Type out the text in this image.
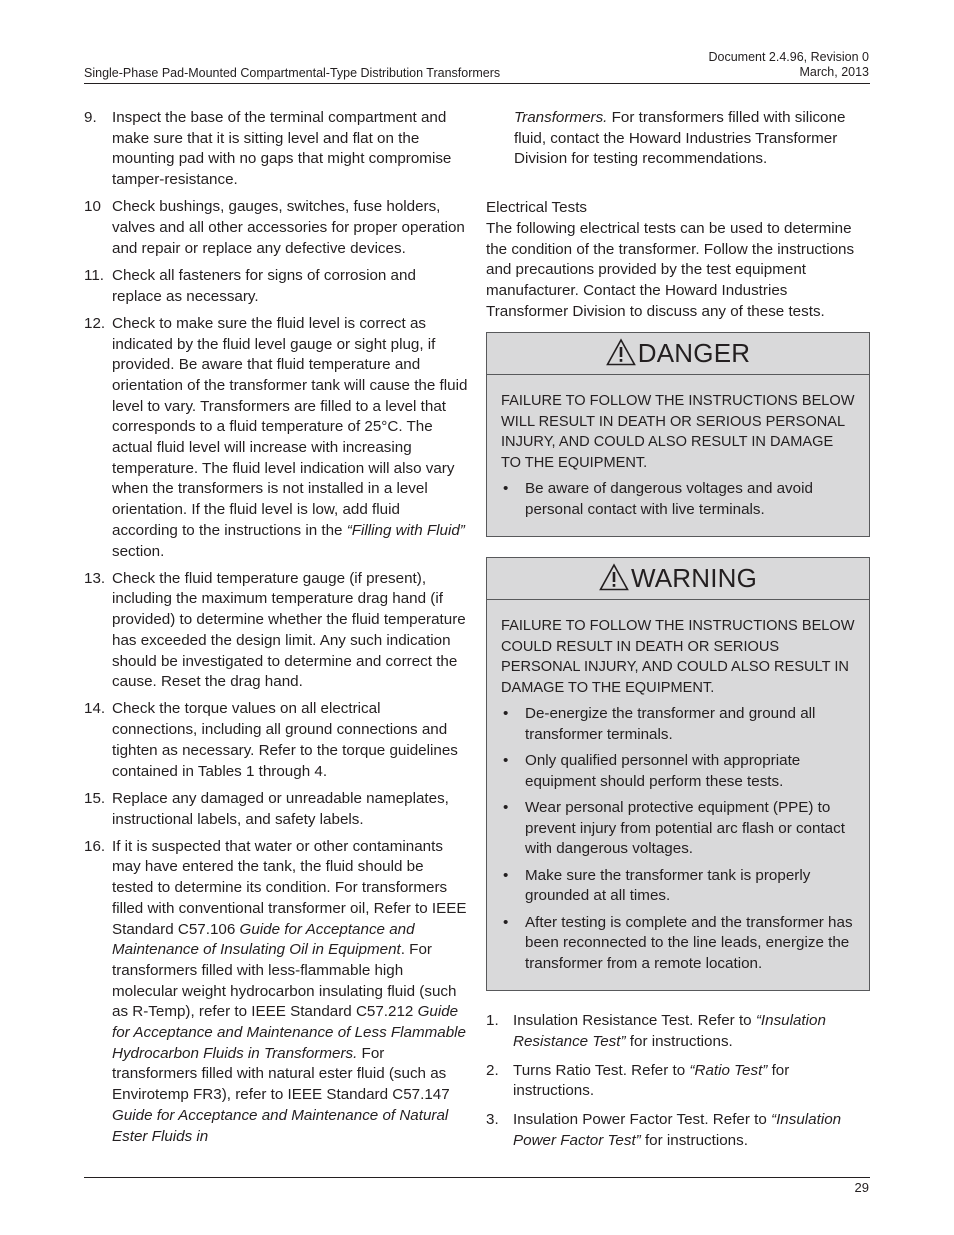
Single-Phase Pad-Mounted Compartmental-Type Distribution Transformers
Document 2.4.96, Revision 0
March, 2013
9. Inspect the base of the terminal compartment and make sure that it is sitting level and flat on the mounting pad with no gaps that might compromise tamper-resistance.
10 Check bushings, gauges, switches, fuse holders, valves and all other accessories for proper operation and repair or replace any defective devices.
11. Check all fasteners for signs of corrosion and replace as necessary.
12. Check to make sure the fluid level is correct as indicated by the fluid level gauge or sight plug, if provided. Be aware that fluid temperature and orientation of the transformer tank will cause the fluid level to vary. Transformers are filled to a level that corresponds to a fluid temperature of 25°C. The actual fluid level will increase with increasing temperature. The fluid level indication will also vary when the transformers is not installed in a level orientation. If the fluid level is low, add fluid according to the instructions in the “Filling with Fluid” section.
13. Check the fluid temperature gauge (if present), including the maximum temperature drag hand (if provided) to determine whether the fluid temperature has exceeded the design limit. Any such indication should be investigated to determine and correct the cause. Reset the drag hand.
14. Check the torque values on all electrical connections, including all ground connections and tighten as necessary. Refer to the torque guidelines contained in Tables 1 through 4.
15. Replace any damaged or unreadable nameplates, instructional labels, and safety labels.
16. If it is suspected that water or other contaminants may have entered the tank, the fluid should be tested to determine its condition. For transformers filled with conventional transformer oil, Refer to IEEE Standard C57.106 Guide for Acceptance and Maintenance of Insulating Oil in Equipment. For transformers filled with less-flammable high molecular weight hydrocarbon insulating fluid (such as R-Temp), refer to IEEE Standard C57.212 Guide for Acceptance and Maintenance of Less Flammable Hydrocarbon Fluids in Transformers. For transformers filled with natural ester fluid (such as Envirotemp FR3), refer to IEEE Standard C57.147 Guide for Acceptance and Maintenance of Natural Ester Fluids in
Transformers. For transformers filled with silicone fluid, contact the Howard Industries Transformer Division for testing recommendations.
Electrical Tests
The following electrical tests can be used to determine the condition of the transformer. Follow the instructions and precautions provided by the test equipment manufacturer. Contact the Howard Industries Transformer Division to discuss any of these tests.
DANGER
FAILURE TO FOLLOW THE INSTRUCTIONS BELOW WILL RESULT IN DEATH OR SERIOUS PERSONAL INJURY, AND COULD ALSO RESULT IN DAMAGE TO THE EQUIPMENT.
• Be aware of dangerous voltages and avoid personal contact with live terminals.
WARNING
FAILURE TO FOLLOW THE INSTRUCTIONS BELOW COULD RESULT IN DEATH OR SERIOUS PERSONAL INJURY, AND COULD ALSO RESULT IN DAMAGE TO THE EQUIPMENT.
• De-energize the transformer and ground all transformer terminals.
• Only qualified personnel with appropriate equipment should perform these tests.
• Wear personal protective equipment (PPE) to prevent injury from potential arc flash or contact with dangerous voltages.
• Make sure the transformer tank is properly grounded at all times.
• After testing is complete and the transformer has been reconnected to the line leads, energize the transformer from a remote location.
1. Insulation Resistance Test. Refer to “Insulation Resistance Test” for instructions.
2. Turns Ratio Test. Refer to “Ratio Test” for instructions.
3. Insulation Power Factor Test. Refer to “Insulation Power Factor Test” for instructions.
29
